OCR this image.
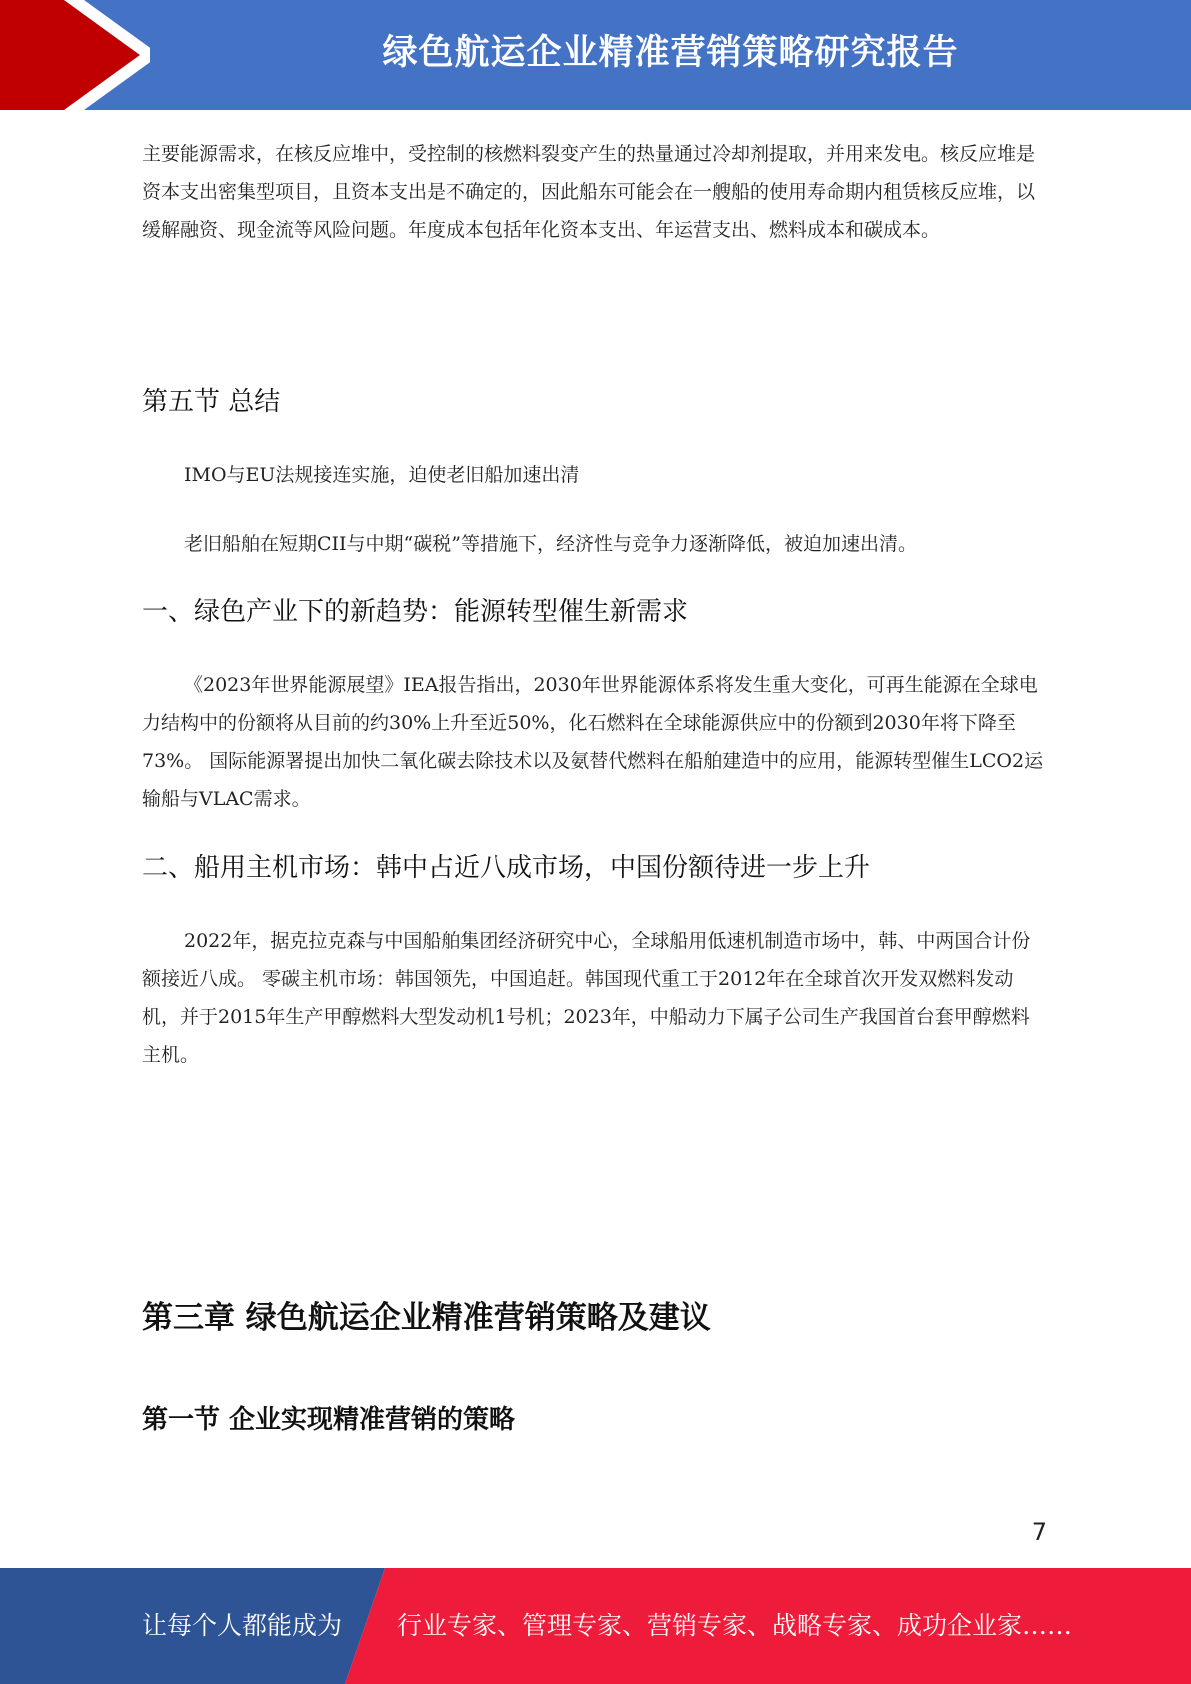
绿色航运企业精准营销策略研究报告

主要能源需求，在核反应堆中，受控制的核燃料裂变产生的热量通过冷却剂提取，并用来发电。核反应堆是资本支出密集型项目，且资本支出是不确定的，因此船东可能会在一艘船的使用寿命期内租赁核反应堆，以缓解融资、现金流等风险问题。年度成本包括年化资本支出、年运营支出、燃料成本和碳成本。

第五节 总结

IMO与EU法规接连实施，迫使老旧船加速出清

老旧船舶在短期CII与中期“碳税”等措施下，经济性与竞争力逐渐降低，被迫加速出清。

一、绿色产业下的新趋势：能源转型催生新需求

《2023年世界能源展望》IEA报告指出，2030年世界能源体系将发生重大变化，可再生能源在全球电力结构中的份额将从目前的约30%上升至近50%，化石燃料在全球能源供应中的份额到2030年将下降至73%。 国际能源署提出加快二氧化碳去除技术以及氨替代燃料在船舶建造中的应用，能源转型催生LCO2运输船与VLAC需求。

二、船用主机市场：韩中占近八成市场，中国份额待进一步上升

2022年，据克拉克森与中国船舶集团经济研究中心，全球船用低速机制造市场中，韩、中两国合计份额接近八成。 零碳主机市场：韩国领先，中国追赶。韩国现代重工于2012年在全球首次开发双燃料发动机，并于2015年生产甲醇燃料大型发动机1号机；2023年，中船动力下属子公司生产我国首台套甲醇燃料主机。

第三章 绿色航运企业精准营销策略及建议
第一节 企业实现精准营销的策略
7
让每个人都能成为 行业专家、管理专家、营销专家、战略专家、成功企业家……
